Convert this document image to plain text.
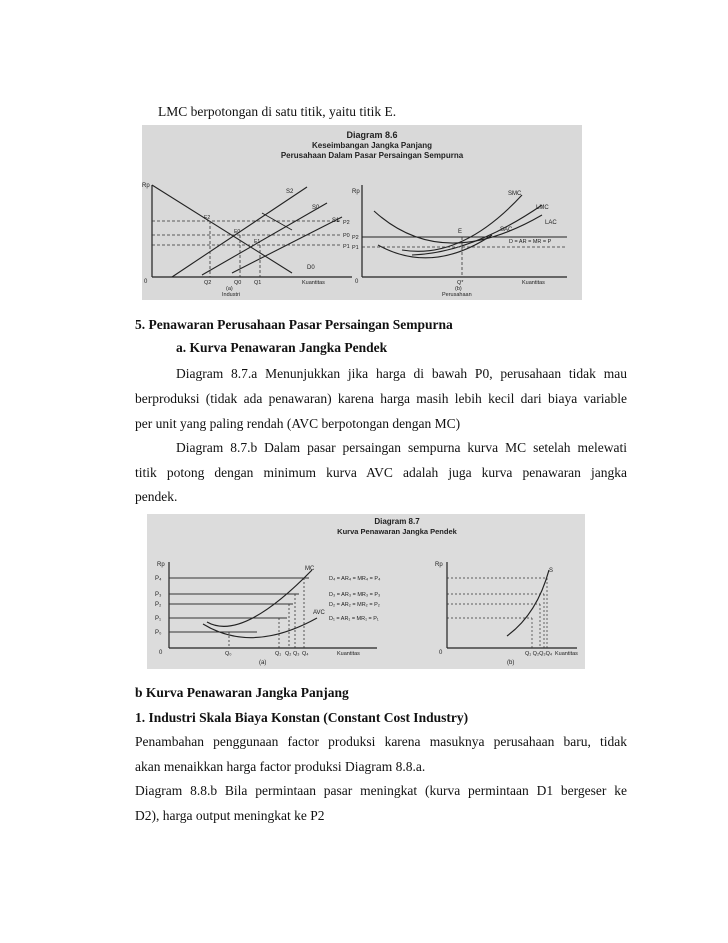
LMC berpotongan di satu titik, yaitu titik E.
Diagram 8.6
Keseimbangan Jangka Panjang
Perusahaan Dalam Pasar Persaingan Sempurna
Rp
0
S2
S0
S1
D0
P2
P0
P1
E2
E0
E1
Q2	Q0 Q1	Kuantitas
(a)
Industri
Rp
0
SMC
LMC
LAC
SAC
E
D = AR = MR = P
P2
P1
Q*	Kuantitas
(b)
Perusahaan
5. Penawaran Perusahaan Pasar Persaingan Sempurna
a. Kurva Penawaran Jangka Pendek
Diagram 8.7.a Menunjukkan jika harga di bawah P0, perusahaan tidak mau
berproduksi (tidak ada penawaran) karena harga masih lebih kecil dari biaya variable
per unit yang paling rendah (AVC berpotongan dengan MC)
Diagram 8.7.b Dalam pasar persaingan sempurna kurva MC setelah melewati
titik potong dengan minimum kurva AVC adalah juga kurva penawaran jangka
pendek.
Diagram 8.7
Kurva Penawaran Jangka Pendek
Rp
0
P₄
P₃
P₂
P₁
P₀
MC
AVC
D₄ = AR₄ = MR₄ = P₄
D₃ = AR₃ = MR₃ = P₃
D₂ = AR₂ = MR₂ = P₂
D₁ = AR₁ = MR₁ = P₁
Q₀	Q₁ Q₂ Q₃ Q₄	Kuantitas
(a)
Rp
0
S
Q₁ Q₂Q₃Q₄ Kuantitas
(b)
b Kurva Penawaran Jangka Panjang
1. Industri Skala Biaya Konstan (Constant Cost Industry)
Penambahan penggunaan factor produksi karena masuknya perusahaan baru, tidak
akan menaikkan harga factor produksi Diagram 8.8.a.
Diagram 8.8.b Bila permintaan pasar meningkat (kurva permintaan D1 bergeser ke
D2), harga output meningkat ke P2
